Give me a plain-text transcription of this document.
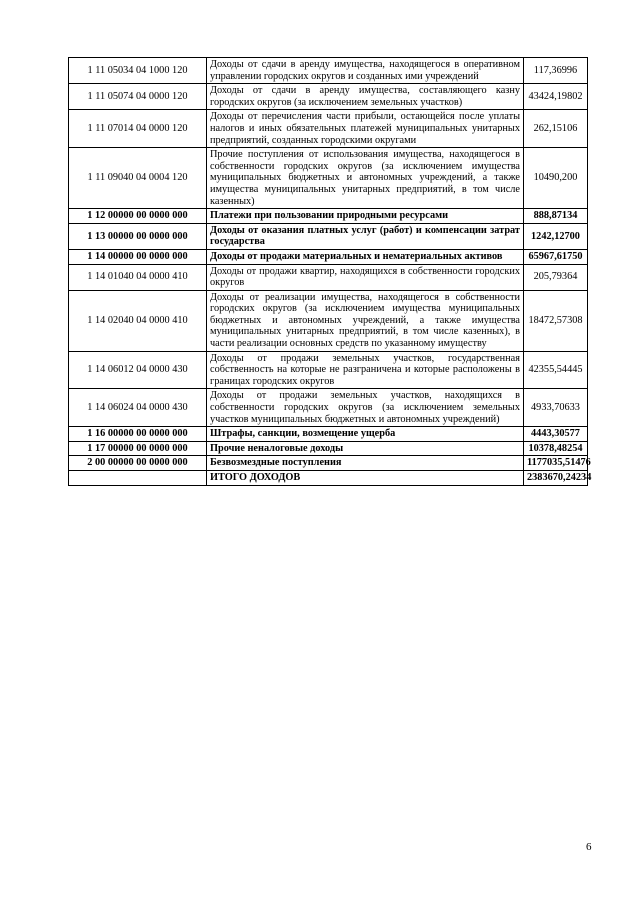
1 11 05034 04 1000 120	Доходы от сдачи в аренду имущества, находящегося в оперативном управлении городских округов и созданных ими учреждений	117,36996
1 11 05074 04 0000 120	Доходы от сдачи в аренду имущества, составляющего казну городских округов (за исключением земельных участков)	43424,19802
1 11 07014 04 0000 120	Доходы от перечисления части прибыли, остающейся после уплаты налогов и иных обязательных платежей муниципальных унитарных предприятий, созданных городскими округами	262,15106
1 11 09040 04 0004 120	Прочие поступления от использования имущества, находящегося в собственности городских округов (за исключением имущества муниципальных бюджетных и автономных учреждений, а также имущества муниципальных унитарных предприятий, в том числе казенных)	10490,200
1 12 00000 00 0000 000	Платежи при пользовании природными ресурсами	888,87134
1 13 00000 00 0000 000	Доходы от оказания платных услуг (работ) и компенсации затрат государства	1242,12700
1 14 00000 00 0000 000	Доходы от продажи материальных и нематериальных активов	65967,61750
1 14 01040 04 0000 410	Доходы от продажи квартир, находящихся в собственности городских округов	205,79364
1 14 02040 04 0000 410	Доходы от реализации имущества, находящегося в собственности городских округов (за исключением имущества муниципальных бюджетных и автономных учреждений, а также имущества муниципальных унитарных предприятий, в том числе казенных), в части реализации основных средств по указанному имуществу	18472,57308
1 14 06012 04 0000 430	Доходы от продажи земельных участков, государственная собственность на которые не разграничена и которые расположены в границах городских округов	42355,54445
1 14 06024 04 0000 430	Доходы от продажи земельных участков, находящихся в собственности городских округов (за исключением земельных участков муниципальных бюджетных и автономных учреждений)	4933,70633
1 16 00000 00 0000 000	Штрафы, санкции, возмещение ущерба	4443,30577
1 17 00000 00 0000 000	Прочие неналоговые доходы	10378,48254
2 00 00000 00 0000 000	Безвозмездные поступления	1177035,51476
	ИТОГО ДОХОДОВ	2383670,24234
6
